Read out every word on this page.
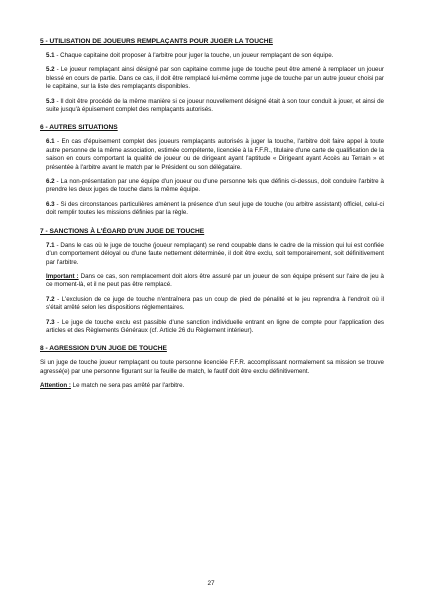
5 - UTILISATION DE JOUEURS REMPLAÇANTS POUR JUGER LA TOUCHE

5.1 - Chaque capitaine doit proposer à l'arbitre pour juger la touche, un joueur remplaçant de son équipe.

5.2 - Le joueur remplaçant ainsi désigné par son capitaine comme juge de touche peut être amené à remplacer un joueur blessé en cours de partie. Dans ce cas, il doit être remplacé lui-même comme juge de touche par un autre joueur choisi par le capitaine, sur la liste des remplaçants disponibles.

5.3 - Il doit être procédé de la même manière si ce joueur nouvellement désigné était à son tour conduit à jouer, et ainsi de suite jusqu'à épuisement complet des remplaçants autorisés.

6 - AUTRES SITUATIONS

6.1 - En cas d'épuisement complet des joueurs remplaçants autorisés à juger la touche, l'arbitre doit faire appel à toute autre personne de la même association, estimée compétente, licenciée à la F.F.R., titulaire d'une carte de qualification de la saison en cours comportant la qualité de joueur ou de dirigeant ayant l'aptitude « Dirigeant ayant Accès au Terrain » et présentée à l'arbitre avant le match par le Président ou son délégataire.

6.2 - La non-présentation par une équipe d'un joueur ou d'une personne tels que définis ci-dessus, doit conduire l'arbitre à prendre les deux juges de touche dans la même équipe.

6.3 - Si des circonstances particulières amènent la présence d'un seul juge de touche (ou arbitre assistant) officiel, celui-ci doit remplir toutes les missions définies par la règle.

7 - SANCTIONS À L'ÉGARD D'UN JUGE DE TOUCHE

7.1 - Dans le cas où le juge de touche (joueur remplaçant) se rend coupable dans le cadre de la mission qui lui est confiée d'un comportement déloyal ou d'une faute nettement déterminée, il doit être exclu, soit temporairement, soit définitivement par l'arbitre.

Important : Dans ce cas, son remplacement doit alors être assuré par un joueur de son équipe présent sur l'aire de jeu à ce moment-là, et il ne peut pas être remplacé.

7.2 - L'exclusion de ce juge de touche n'entraînera pas un coup de pied de pénalité et le jeu reprendra à l'endroit où il s'était arrêté selon les dispositions réglementaires.

7.3 - Le juge de touche exclu est passible d'une sanction individuelle entrant en ligne de compte pour l'application des articles et des Règlements Généraux (cf. Article 26 du Règlement intérieur).

8 - AGRESSION D'UN JUGE DE TOUCHE

Si un juge de touche joueur remplaçant ou toute personne licenciée F.F.R. accomplissant normalement sa mission se trouve agressé(e) par une personne figurant sur la feuille de match, le fautif doit être exclu définitivement.

Attention : Le match ne sera pas arrêté par l'arbitre.

27
